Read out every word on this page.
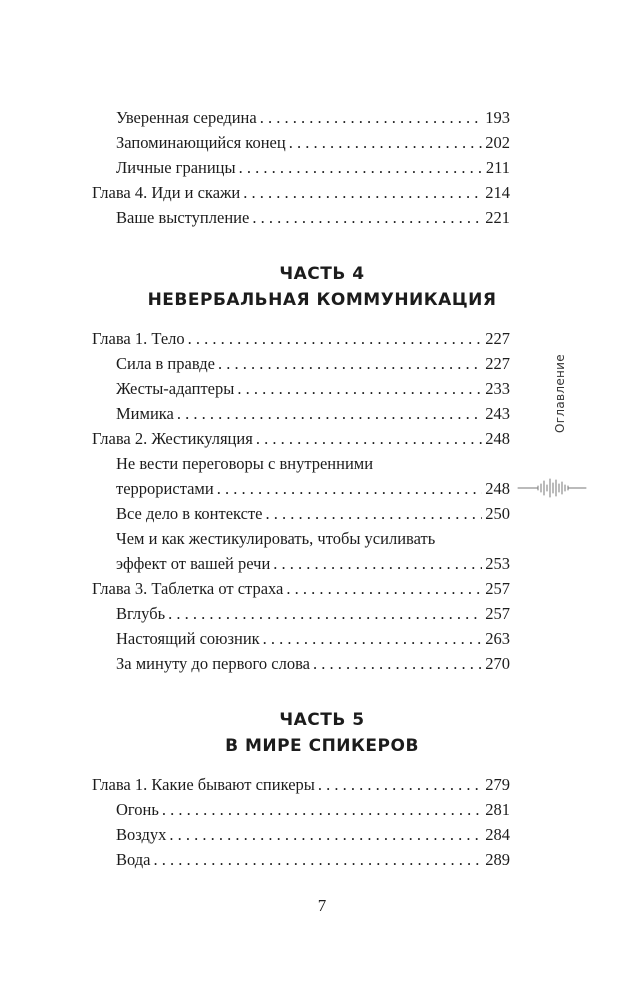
Уверенная середина . . .	193
Запоминающийся конец . . .	202
Личные границы . . .	211
Глава 4. Иди и скажи . . .	214
Ваше выступление . . .	221
ЧАСТЬ 4
НЕВЕРБАЛЬНАЯ КОММУНИКАЦИЯ
Глава 1. Тело . . .	227
Сила в правде . . .	227
Жесты-адаптеры . . .	233
Мимика . . .	243
Глава 2. Жестикуляция . . .	248
Не вести переговоры с внутренними
террористами . . .	248
Все дело в контексте . . .	250
Чем и как жестикулировать, чтобы усиливать
эффект от вашей речи . . .	253
Глава 3. Таблетка от страха . . .	257
Вглубь . . .	257
Настоящий союзник . . .	263
За минуту до первого слова . . .	270
ЧАСТЬ 5
В МИРЕ СПИКЕРОВ
Глава 1. Какие бывают спикеры . . .	279
Огонь . . .	281
Воздух . . .	284
Вода . . .	289
Оглавление
7
